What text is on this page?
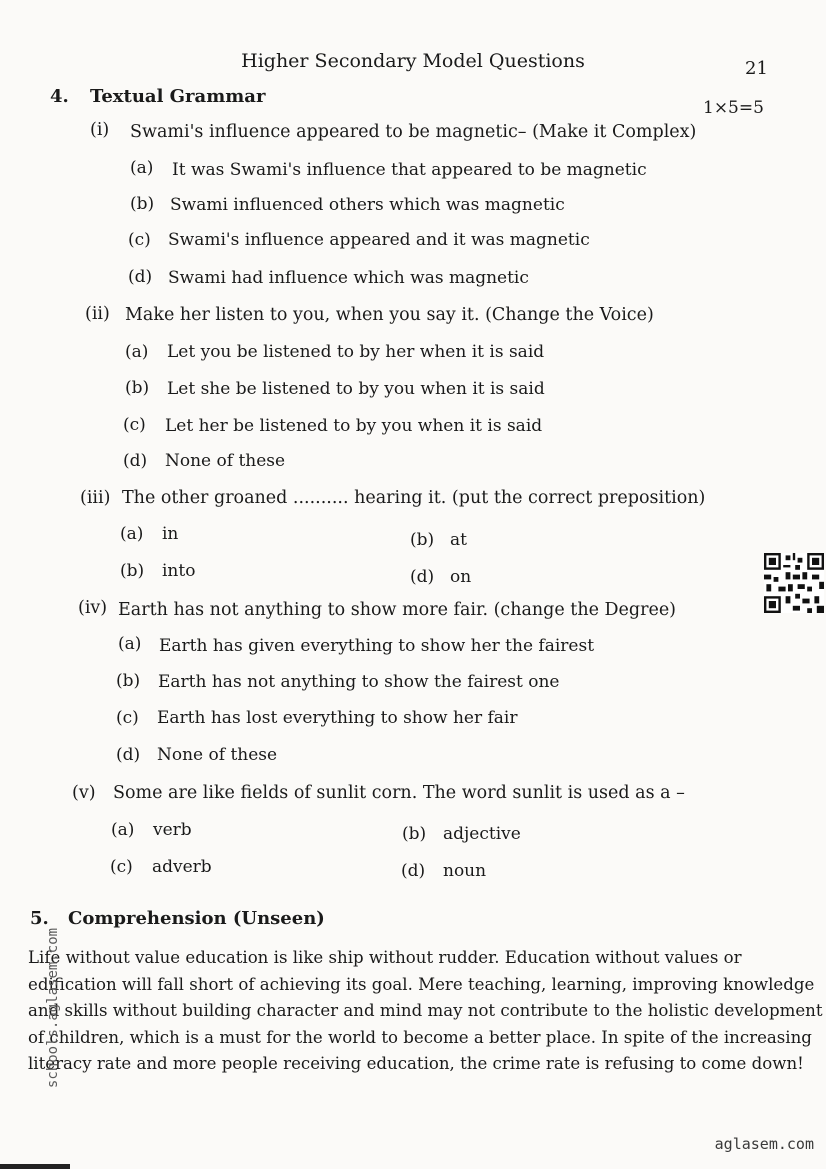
Higher Secondary Model Questions	21
4. Textual Grammar
1×5=5
(i) Swami's influence appeared to be magnetic– (Make it Complex)
(a) It was Swami's influence that appeared to be magnetic
(b) Swami influenced others which was magnetic
(c) Swami's influence appeared and it was magnetic
(d) Swami had influence which was magnetic
(ii) Make her listen to you, when you say it. (Change the Voice)
(a) Let you be listened to by her when it is said
(b) Let she be listened to by you when it is said
(c) Let her be listened to by you when it is said
(d) None of these
(iii) The other groaned .......... hearing it. (put the correct preposition)
(a) in	(b) at
(b) into	(d) on
(iv) Earth has not anything to show more fair. (change the Degree)
(a) Earth has given everything to show her the fairest
(b) Earth has not anything to show the fairest one
(c) Earth has lost everything to show her fair
(d) None of these
(v) Some are like fields of sunlit corn. The word sunlit is used as a –
(a) verb	(b) adjective
(c) adverb	(d) noun
5. Comprehension (Unseen)

Life without value education is like ship without rudder. Education without values or

edification will fall short of achieving its goal. Mere teaching, learning, improving knowledge

and skills without building character and mind may not contribute to the holistic development

of children, which is a must for the world to become a better place. In spite of the increasing

literacy rate and more people receiving education, the crime rate is refusing to come down!

schools.aglasem.com
aglasem.com
